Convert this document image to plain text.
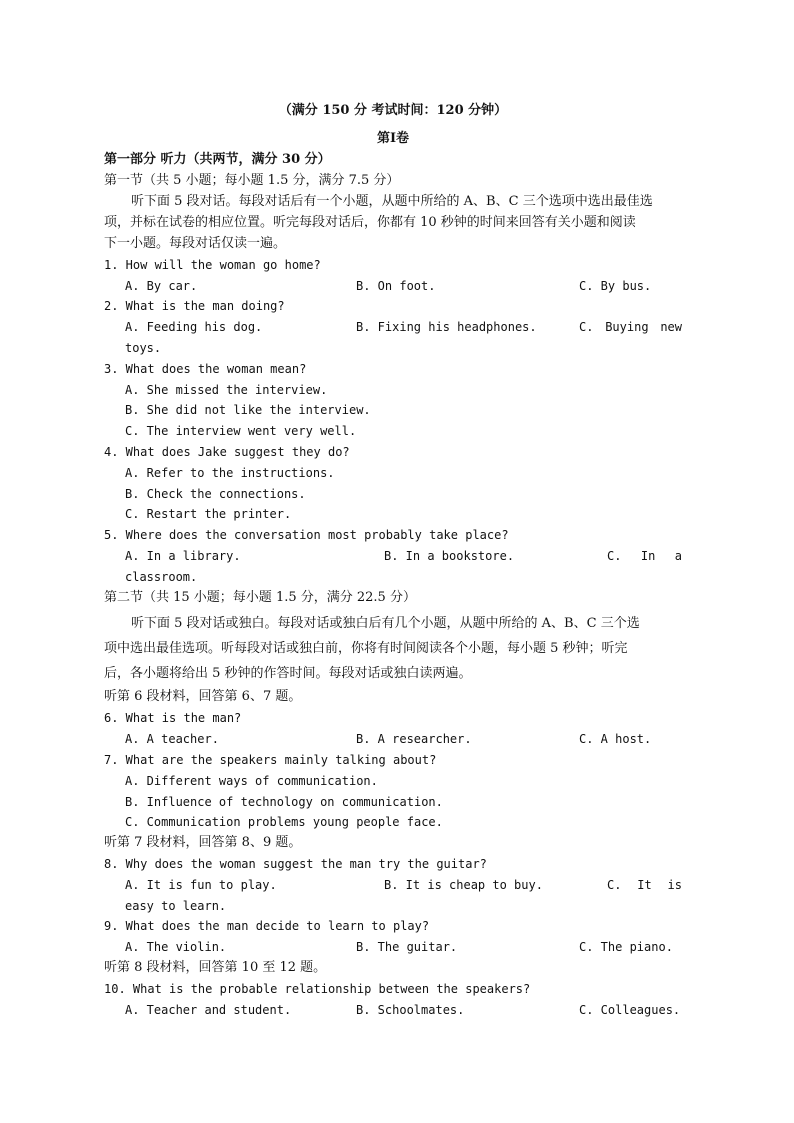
（满分 150 分 考试时间：120 分钟）
第Ⅰ卷
第一部分 听力（共两节，满分 30 分）
第一节（共 5 小题；每小题 1.5 分，满分 7.5 分）
听下面 5 段对话。每段对话后有一个小题，从题中所给的 A、B、C 三个选项中选出最佳选
项，并标在试卷的相应位置。听完每段对话后，你都有 10 秒钟的时间来回答有关小题和阅读
下一小题。每段对话仅读一遍。
1. How will the woman go home?
A. By car.	B. On foot.	C. By bus.
2. What is the man doing?
A. Feeding his dog.	B. Fixing his headphones.	C. Buying new
toys.
3. What does the woman mean?
A. She missed the interview.
B. She did not like the interview.
C. The interview went very well.
4. What does Jake suggest they do?
A. Refer to the instructions.
B. Check the connections.
C. Restart the printer.
5. Where does the conversation most probably take place?
A. In a library.	B. In a bookstore.	C. In a
classroom.
第二节（共 15 小题；每小题 1.5 分，满分 22.5 分）
听下面 5 段对话或独白。每段对话或独白后有几个小题，从题中所给的 A、B、C 三个选
项中选出最佳选项。听每段对话或独白前，你将有时间阅读各个小题，每小题 5 秒钟；听完
后，各小题将给出 5 秒钟的作答时间。每段对话或独白读两遍。
听第 6 段材料，回答第 6、7 题。
6. What is the man?
A. A teacher.	B. A researcher.	C. A host.
7. What are the speakers mainly talking about?
A. Different ways of communication.
B. Influence of technology on communication.
C. Communication problems young people face.
听第 7 段材料，回答第 8、9 题。
8. Why does the woman suggest the man try the guitar?
A. It is fun to play.	B. It is cheap to buy.	C. It is
easy to learn.
9. What does the man decide to learn to play?
A. The violin.	B. The guitar.	C. The piano.
听第 8 段材料，回答第 10 至 12 题。
10. What is the probable relationship between the speakers?
A. Teacher and student.	B. Schoolmates.	C. Colleagues.
